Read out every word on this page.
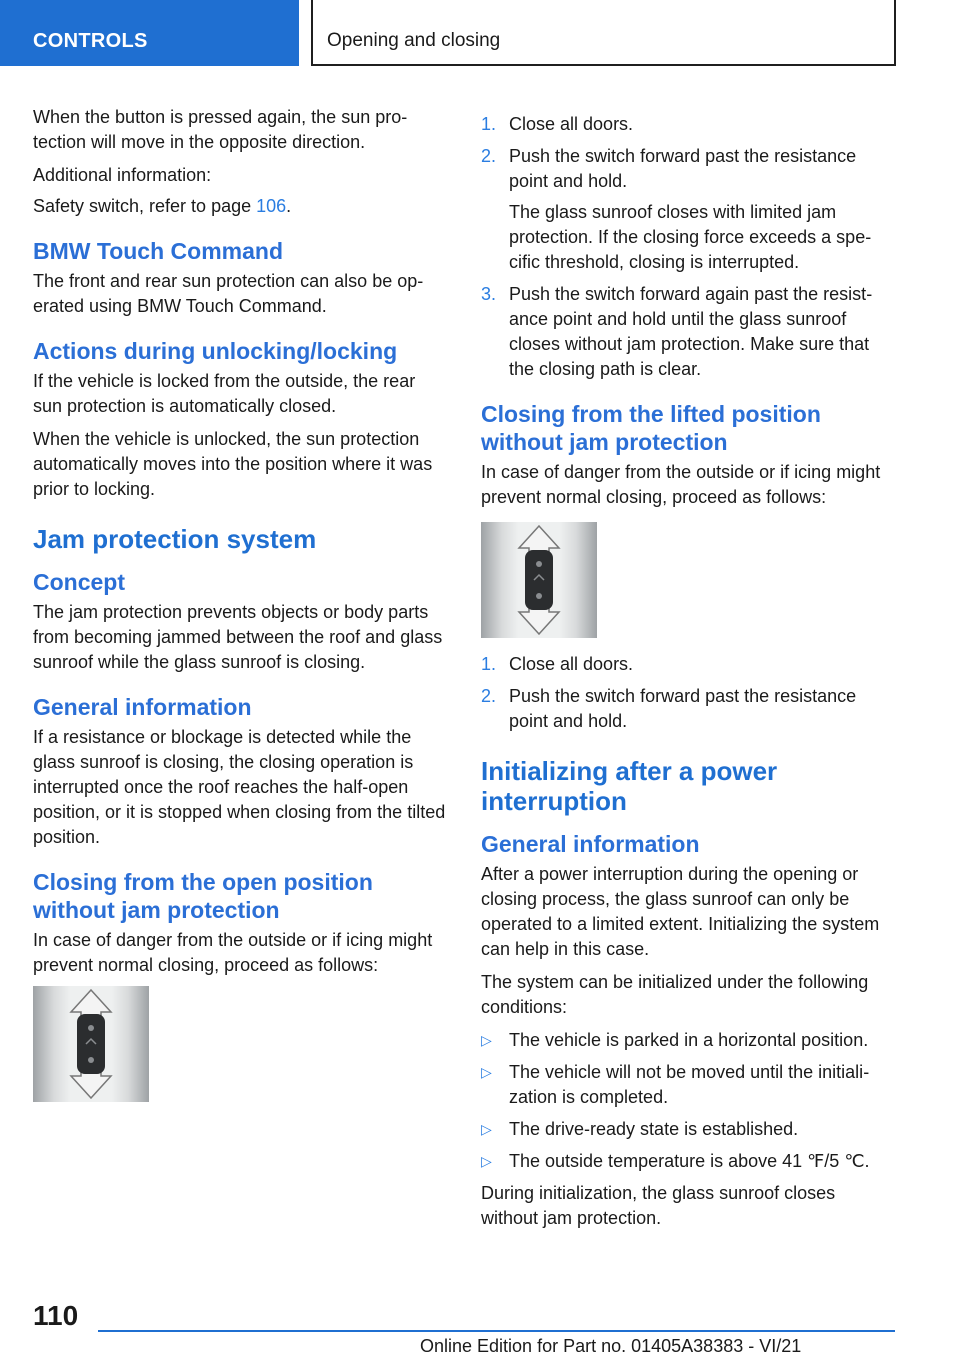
CONTROLS	Opening and closing

When the button is pressed again, the sun protection will move in the opposite direction.

Additional information:

Safety switch, refer to page 106.

BMW Touch Command

The front and rear sun protection can also be operated using BMW Touch Command.

Actions during unlocking/locking

If the vehicle is locked from the outside, the rear sun protection is automatically closed.

When the vehicle is unlocked, the sun protection automatically moves into the position where it was prior to locking.

Jam protection system
Concept

The jam protection prevents objects or body parts from becoming jammed between the roof and glass sunroof while the glass sunroof is closing.

General information

If a resistance or blockage is detected while the glass sunroof is closing, the closing operation is interrupted once the roof reaches the half-open position, or it is stopped when closing from the tilted position.

Closing from the open position without jam protection

In case of danger from the outside or if icing might prevent normal closing, proceed as follows:

1. Close all doors.
2. Push the switch forward past the resistance point and hold.

The glass sunroof closes with limited jam protection. If the closing force exceeds a specific threshold, closing is interrupted.

3. Push the switch forward again past the resistance point and hold until the glass sunroof closes without jam protection. Make sure that the closing path is clear.
Closing from the lifted position without jam protection

In case of danger from the outside or if icing might prevent normal closing, proceed as follows:

1. Close all doors.
2. Push the switch forward past the resistance point and hold.
Initializing after a power interruption
General information

After a power interruption during the opening or closing process, the glass sunroof can only be operated to a limited extent. Initializing the system can help in this case.

The system can be initialized under the following conditions:

▷ The vehicle is parked in a horizontal position.
▷ The vehicle will not be moved until the initialization is completed.
▷ The drive-ready state is established.
▷ The outside temperature is above 41 ℉/5 ℃.

During initialization, the glass sunroof closes without jam protection.

110
Online Edition for Part no. 01405A38383 - VI/21
